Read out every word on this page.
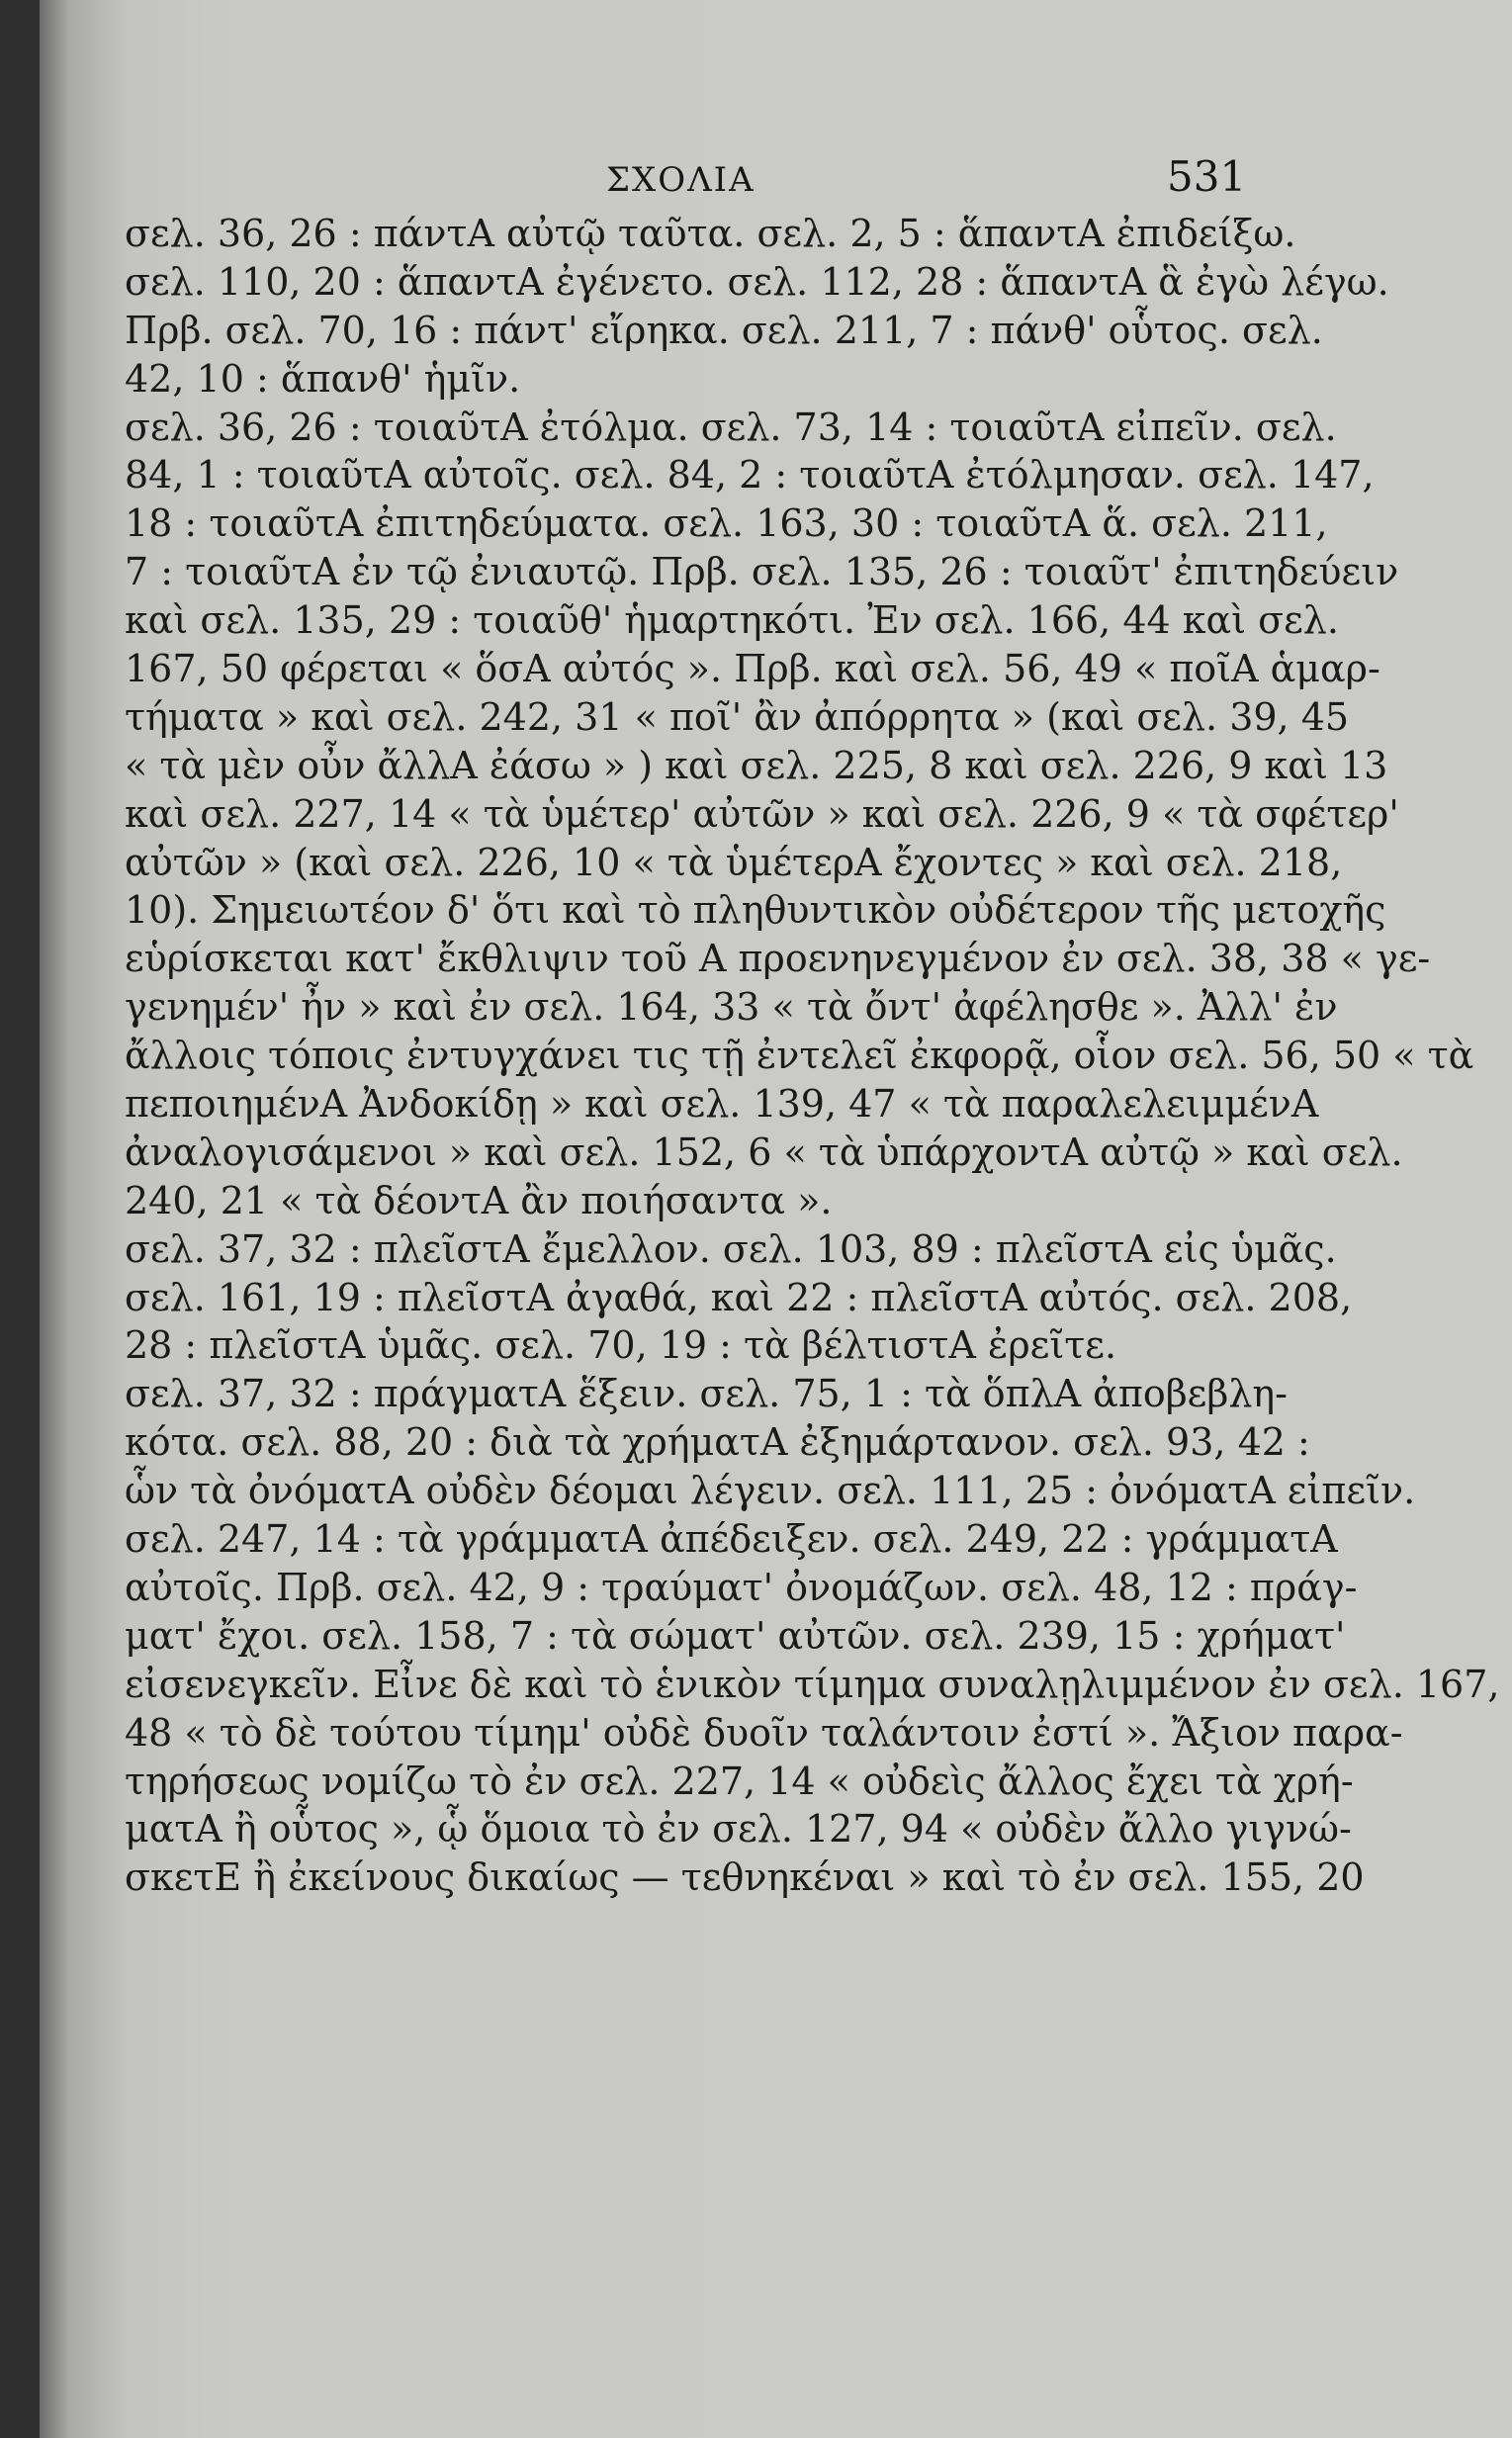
ΣΧΟΛΙΑ	531
σελ. 36, 26 : πάντΑ αὐτῷ ταῦτα. σελ. 2, 5 : ἅπαντΑ ἐπιδείξω.
σελ. 110, 20 : ἅπαντΑ ἐγένετο. σελ. 112, 28 : ἅπαντΑ ἃ ἐγὼ λέγω.
Πρβ. σελ. 70, 16 : πάντ' εἴρηκα. σελ. 211, 7 : πάνθ' οὗτος. σελ.
42, 10 : ἅπανθ' ἡμῖν.
σελ. 36, 26 : τοιαῦτΑ ἐτόλμα. σελ. 73, 14 : τοιαῦτΑ εἰπεῖν. σελ.
84, 1 : τοιαῦτΑ αὐτοῖς. σελ. 84, 2 : τοιαῦτΑ ἐτόλμησαν. σελ. 147,
18 : τοιαῦτΑ ἐπιτηδεύματα. σελ. 163, 30 : τοιαῦτΑ ἅ. σελ. 211,
7 : τοιαῦτΑ ἐν τῷ ἐνιαυτῷ. Πρβ. σελ. 135, 26 : τοιαῦτ' ἐπιτηδεύειν
καὶ σελ. 135, 29 : τοιαῦθ' ἡμαρτηκότι. Ἐν σελ. 166, 44 καὶ σελ.
167, 50 φέρεται « ὅσΑ αὐτός ». Πρβ. καὶ σελ. 56, 49 « ποῖΑ ἁμαρ-
τήματα » καὶ σελ. 242, 31 « ποῖ' ἂν ἀπόρρητα » (καὶ σελ. 39, 45
« τὰ μὲν οὖν ἄλλΑ ἐάσω » ) καὶ σελ. 225, 8 καὶ σελ. 226, 9 καὶ 13
καὶ σελ. 227, 14 « τὰ ὑμέτερ' αὐτῶν » καὶ σελ. 226, 9 « τὰ σφέτερ'
αὐτῶν » (καὶ σελ. 226, 10 « τὰ ὑμέτερΑ ἔχοντες » καὶ σελ. 218,
10). Σημειωτέον δ' ὅτι καὶ τὸ πληθυντικὸν οὐδέτερον τῆς μετοχῆς
εὑρίσκεται κατ' ἔκθλιψιν τοῦ Α προενηνεγμένον ἐν σελ. 38, 38 « γε-
γενημέν' ἦν » καὶ ἐν σελ. 164, 33 « τὰ ὄντ' ἀφέλησθε ». Ἀλλ' ἐν
ἄλλοις τόποις ἐντυγχάνει τις τῇ ἐντελεῖ ἐκφορᾷ, οἷον σελ. 56, 50 « τὰ
πεποιημένΑ Ἀνδοκίδῃ » καὶ σελ. 139, 47 « τὰ παραλελειμμένΑ
ἀναλογισάμενοι » καὶ σελ. 152, 6 « τὰ ὑπάρχοντΑ αὐτῷ » καὶ σελ.
240, 21 « τὰ δέοντΑ ἂν ποιήσαντα ».
σελ. 37, 32 : πλεῖστΑ ἔμελλον. σελ. 103, 89 : πλεῖστΑ εἰς ὑμᾶς.
σελ. 161, 19 : πλεῖστΑ ἀγαθά, καὶ 22 : πλεῖστΑ αὐτός. σελ. 208,
28 : πλεῖστΑ ὑμᾶς. σελ. 70, 19 : τὰ βέλτιστΑ ἐρεῖτε.
σελ. 37, 32 : πράγματΑ ἕξειν. σελ. 75, 1 : τὰ ὅπλΑ ἀποβεβλη-
κότα. σελ. 88, 20 : διὰ τὰ χρήματΑ ἐξημάρτανον. σελ. 93, 42 :
ὧν τὰ ὀνόματΑ οὐδὲν δέομαι λέγειν. σελ. 111, 25 : ὀνόματΑ εἰπεῖν.
σελ. 247, 14 : τὰ γράμματΑ ἀπέδειξεν. σελ. 249, 22 : γράμματΑ
αὐτοῖς. Πρβ. σελ. 42, 9 : τραύματ' ὀνομάζων. σελ. 48, 12 : πράγ-
ματ' ἔχοι. σελ. 158, 7 : τὰ σώματ' αὐτῶν. σελ. 239, 15 : χρήματ'
εἰσενεγκεῖν. Εἶνε δὲ καὶ τὸ ἑνικὸν τίμημα συναλῃλιμμένον ἐν σελ. 167,
48 « τὸ δὲ τούτου τίμημ' οὐδὲ δυοῖν ταλάντοιν ἐστί ». Ἄξιον παρα-
τηρήσεως νομίζω τὸ ἐν σελ. 227, 14 « οὐδεὶς ἄλλος ἔχει τὰ χρή-
ματΑ ἢ οὗτος », ᾧ ὅμοια τὸ ἐν σελ. 127, 94 « οὐδὲν ἄλλο γιγνώ-
σκετΕ ἢ ἐκείνους δικαίως — τεθνηκέναι » καὶ τὸ ἐν σελ. 155, 20
